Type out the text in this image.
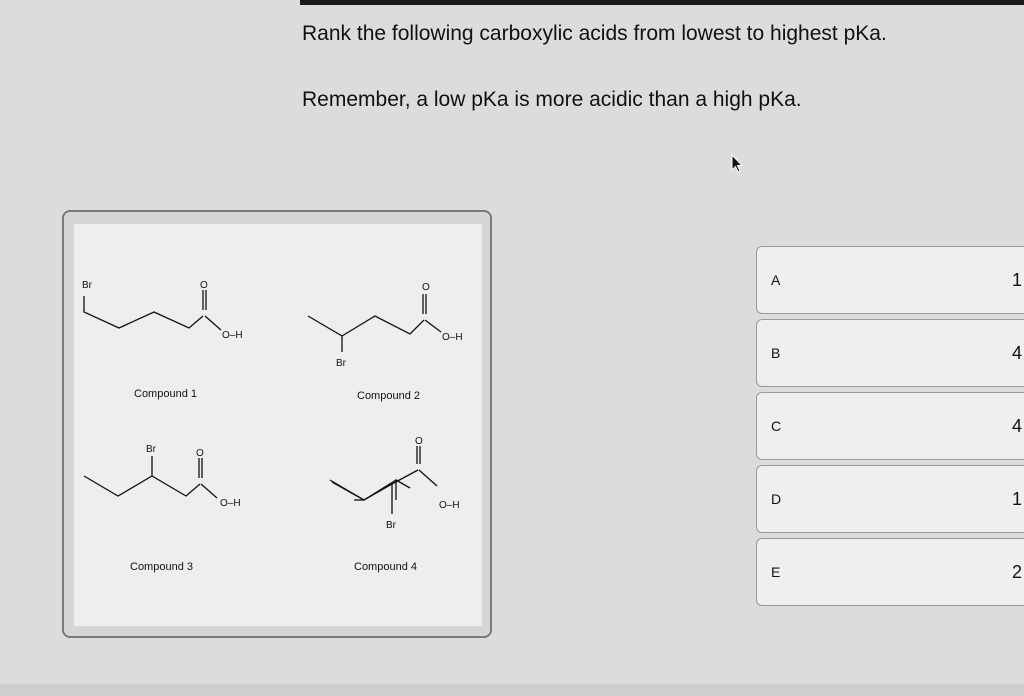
Rank the following carboxylic acids from lowest to highest pKa.
Remember, a low pKa is more acidic than a high pKa.
Br	O
O–H
Compound 1
O
O–H
Br
Compound 2
Br	O
O–H
Compound 3
O
O–H
Br
Compound 4
A	1
B	4
C	4
D	1
E	2
